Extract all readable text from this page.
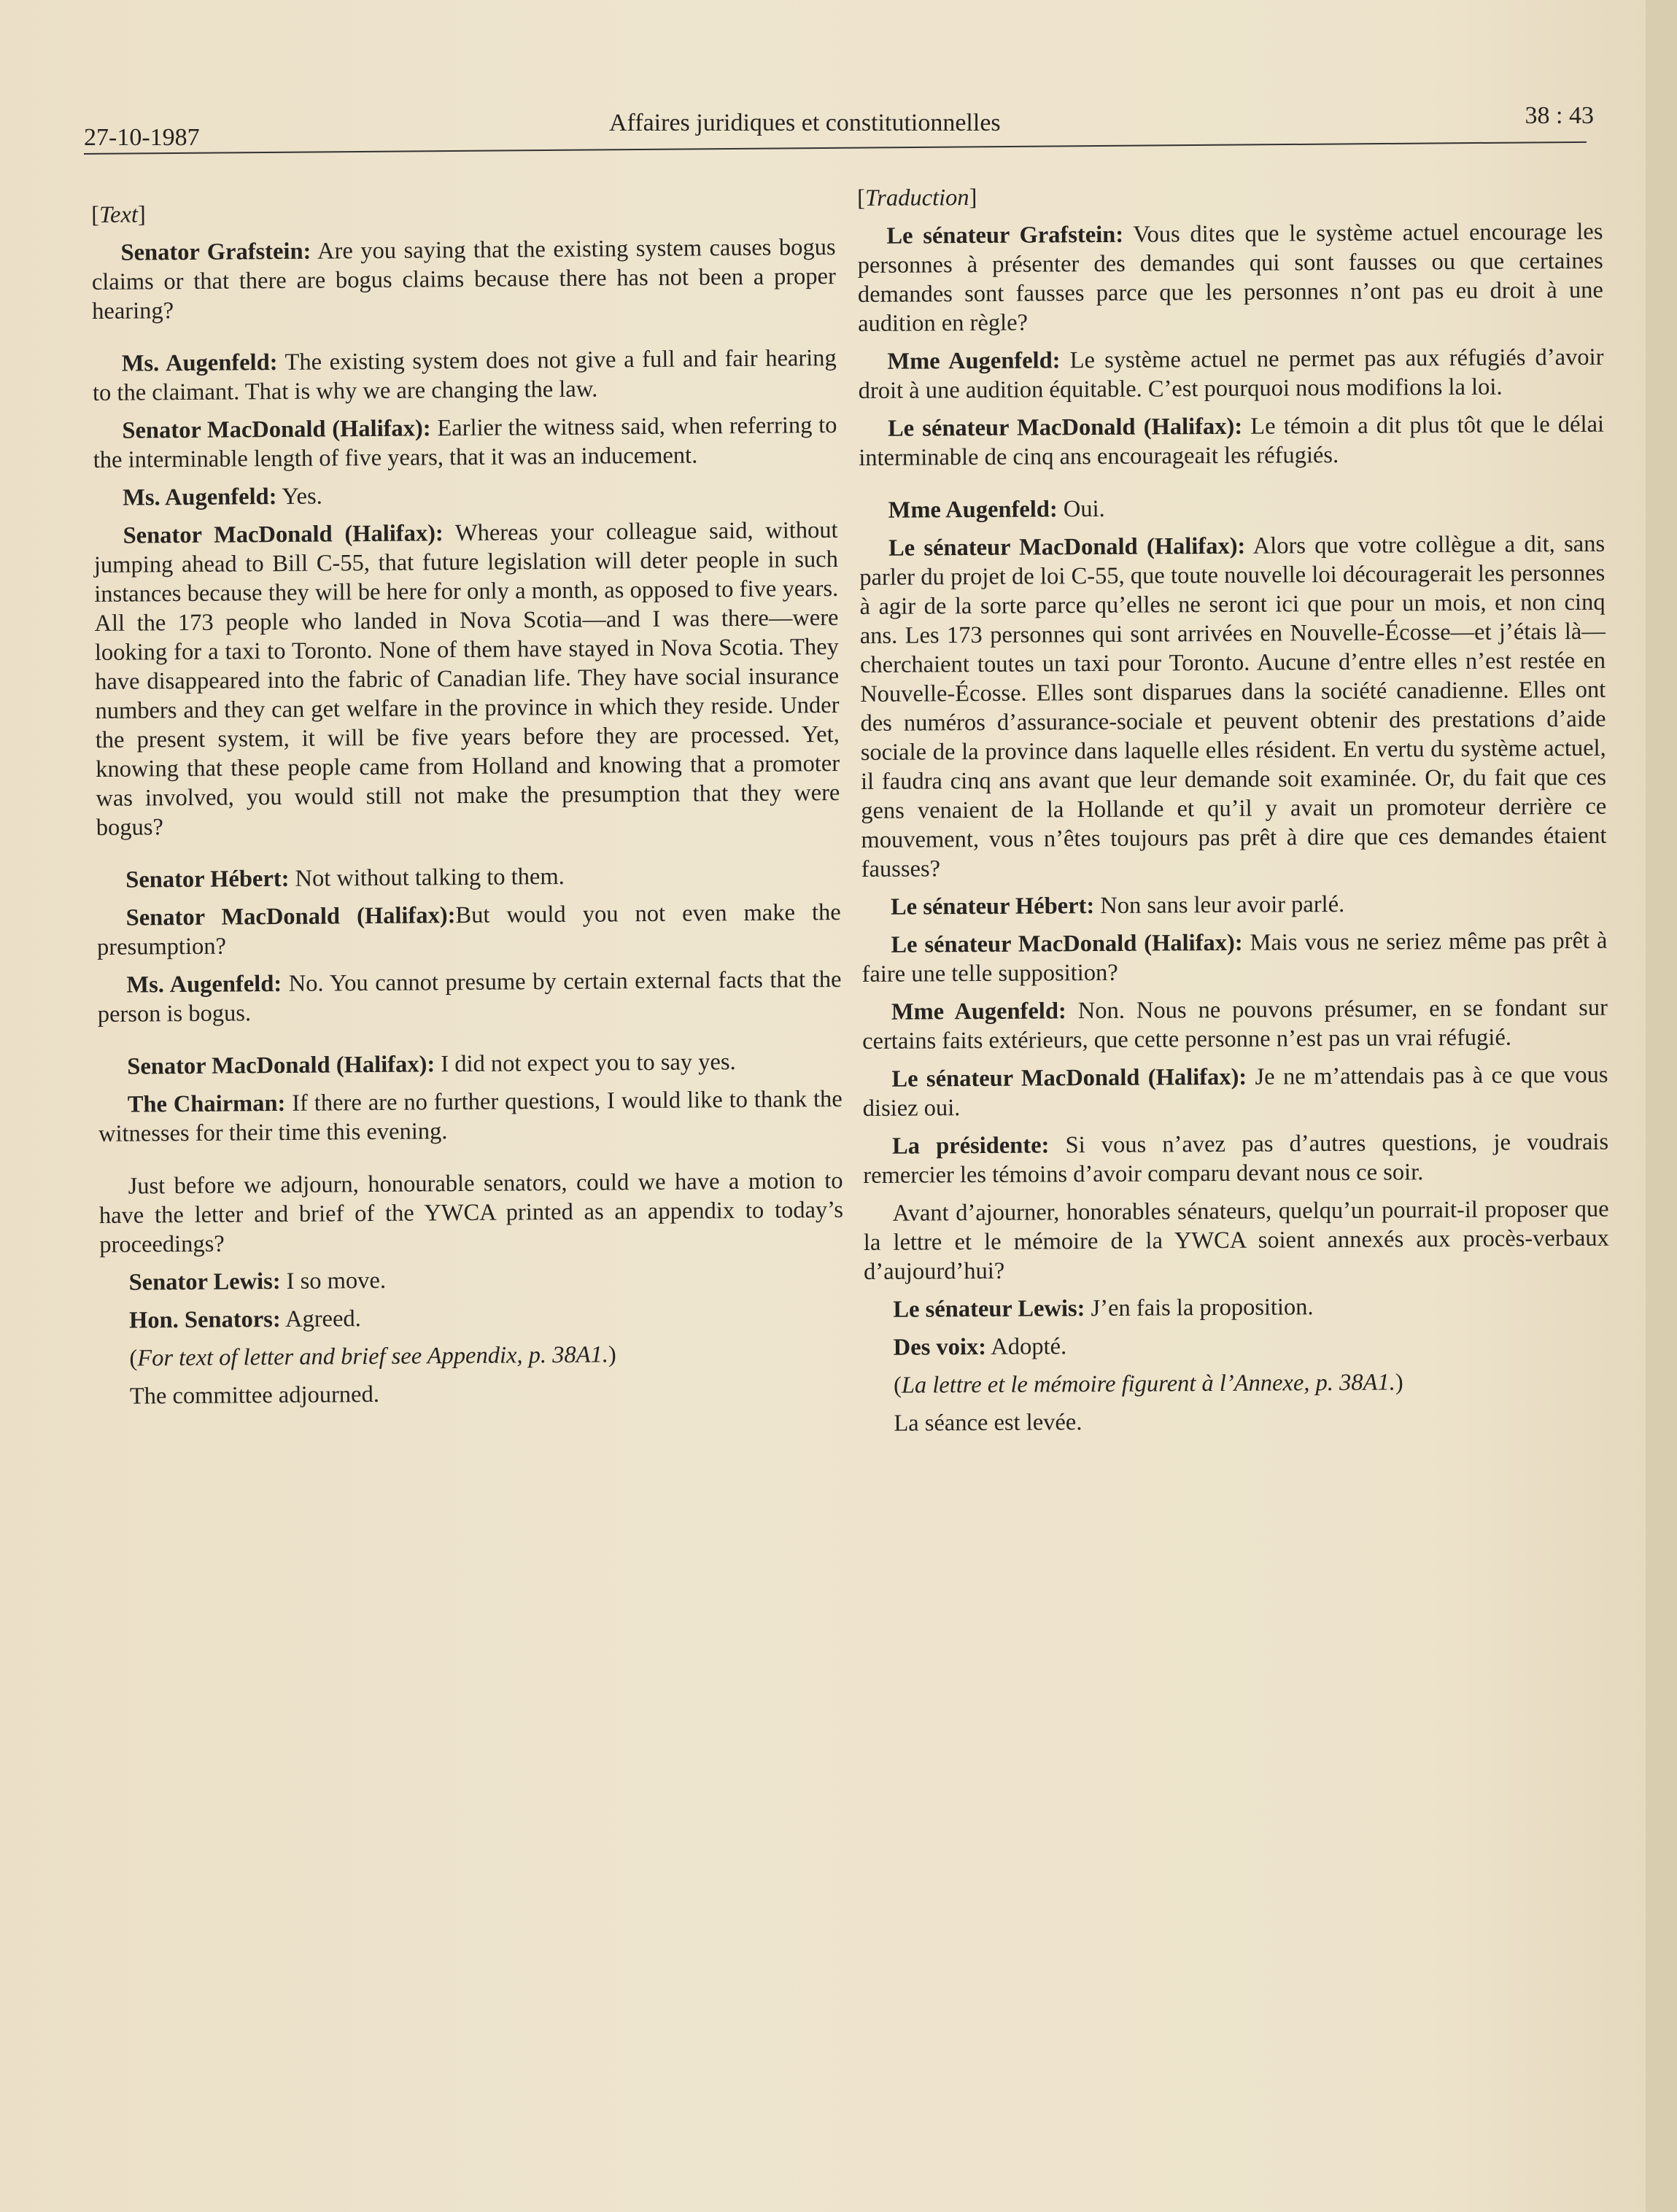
27-10-1987
Affaires juridiques et constitutionnelles	38 : 43

[Text]

Senator Grafstein: Are you saying that the existing system causes bogus claims or that there are bogus claims because there has not been a proper hearing?

Ms. Augenfeld: The existing system does not give a full and fair hearing to the claimant. That is why we are changing the law.

Senator MacDonald (Halifax): Earlier the witness said, when referring to the interminable length of five years, that it was an inducement.

Ms. Augenfeld: Yes.

Senator MacDonald (Halifax): Whereas your colleague said, without jumping ahead to Bill C-55, that future legislation will deter people in such instances because they will be here for only a month, as opposed to five years. All the 173 people who landed in Nova Scotia—and I was there—were looking for a taxi to Toronto. None of them have stayed in Nova Scotia. They have disappeared into the fabric of Canadian life. They have social insurance numbers and they can get welfare in the province in which they reside. Under the present system, it will be five years before they are processed. Yet, knowing that these people came from Holland and knowing that a promoter was involved, you would still not make the presumption that they were bogus?

Senator Hébert: Not without talking to them.

Senator MacDonald (Halifax):But would you not even make the presumption?

Ms. Augenfeld: No. You cannot presume by certain external facts that the person is bogus.

Senator MacDonald (Halifax): I did not expect you to say yes.

The Chairman: If there are no further questions, I would like to thank the witnesses for their time this evening.

Just before we adjourn, honourable senators, could we have a motion to have the letter and brief of the YWCA printed as an appendix to today’s proceedings?

Senator Lewis: I so move.

Hon. Senators: Agreed.

(For text of letter and brief see Appendix, p. 38A1.)

The committee adjourned.

[Traduction]

Le sénateur Grafstein: Vous dites que le système actuel encourage les personnes à présenter des demandes qui sont fausses ou que certaines demandes sont fausses parce que les personnes n’ont pas eu droit à une audition en règle?

Mme Augenfeld: Le système actuel ne permet pas aux réfugiés d’avoir droit à une audition équitable. C’est pourquoi nous modifions la loi.

Le sénateur MacDonald (Halifax): Le témoin a dit plus tôt que le délai interminable de cinq ans encourageait les réfugiés.

Mme Augenfeld: Oui.

Le sénateur MacDonald (Halifax): Alors que votre collègue a dit, sans parler du projet de loi C-55, que toute nouvelle loi découragerait les personnes à agir de la sorte parce qu’elles ne seront ici que pour un mois, et non cinq ans. Les 173 personnes qui sont arrivées en Nouvelle-Écosse—et j’étais là—cherchaient toutes un taxi pour Toronto. Aucune d’entre elles n’est restée en Nouvelle-Écosse. Elles sont disparues dans la société canadienne. Elles ont des numéros d’assurance-sociale et peuvent obtenir des prestations d’aide sociale de la province dans laquelle elles résident. En vertu du système actuel, il faudra cinq ans avant que leur demande soit examinée. Or, du fait que ces gens venaient de la Hollande et qu’il y avait un promoteur derrière ce mouvement, vous n’êtes toujours pas prêt à dire que ces demandes étaient fausses?

Le sénateur Hébert: Non sans leur avoir parlé.

Le sénateur MacDonald (Halifax): Mais vous ne seriez même pas prêt à faire une telle supposition?

Mme Augenfeld: Non. Nous ne pouvons présumer, en se fondant sur certains faits extérieurs, que cette personne n’est pas un vrai réfugié.

Le sénateur MacDonald (Halifax): Je ne m’attendais pas à ce que vous disiez oui.

La présidente: Si vous n’avez pas d’autres questions, je voudrais remercier les témoins d’avoir comparu devant nous ce soir.

Avant d’ajourner, honorables sénateurs, quelqu’un pourrait-il proposer que la lettre et le mémoire de la YWCA soient annexés aux procès-verbaux d’aujourd’hui?

Le sénateur Lewis: J’en fais la proposition.

Des voix: Adopté.

(La lettre et le mémoire figurent à l’Annexe, p. 38A1.)

La séance est levée.
